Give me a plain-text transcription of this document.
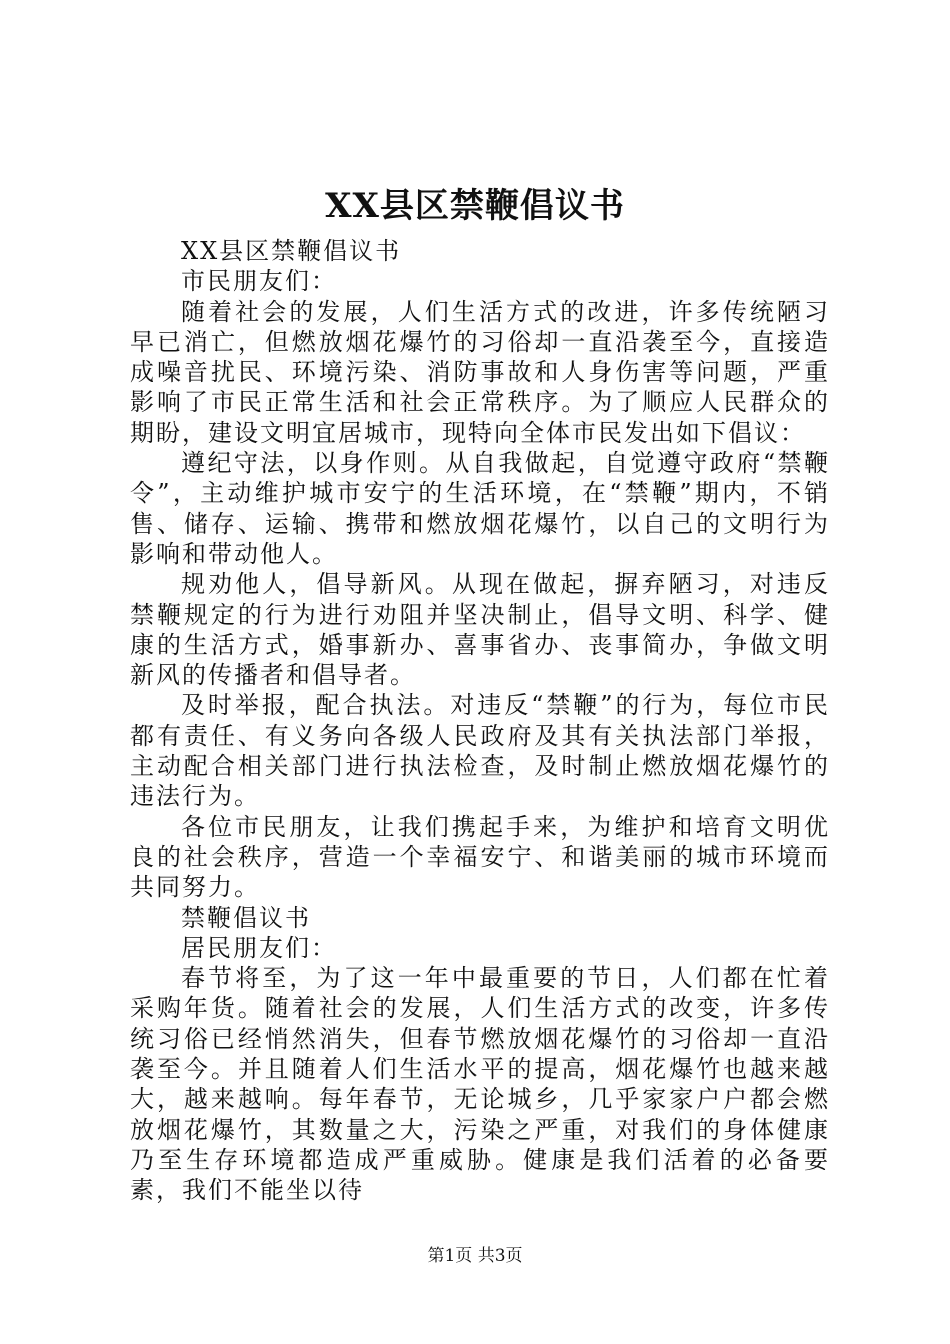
XX县区禁鞭倡议书

XX县区禁鞭倡议书

市民朋友们：

随着社会的发展，人们生活方式的改进，许多传统陋习早已消亡，但燃放烟花爆竹的习俗却一直沿袭至今，直接造成噪音扰民、环境污染、消防事故和人身伤害等问题，严重影响了市民正常生活和社会正常秩序。为了顺应人民群众的期盼，建设文明宜居城市，现特向全体市民发出如下倡议：

遵纪守法，以身作则。从自我做起，自觉遵守政府“禁鞭令”，主动维护城市安宁的生活环境，在“禁鞭”期内，不销售、储存、运输、携带和燃放烟花爆竹，以自己的文明行为影响和带动他人。

规劝他人，倡导新风。从现在做起，摒弃陋习，对违反禁鞭规定的行为进行劝阻并坚决制止，倡导文明、科学、健康的生活方式，婚事新办、喜事省办、丧事简办，争做文明新风的传播者和倡导者。

及时举报，配合执法。对违反“禁鞭”的行为，每位市民都有责任、有义务向各级人民政府及其有关执法部门举报，主动配合相关部门进行执法检查，及时制止燃放烟花爆竹的违法行为。

各位市民朋友，让我们携起手来，为维护和培育文明优良的社会秩序，营造一个幸福安宁、和谐美丽的城市环境而共同努力。

禁鞭倡议书

居民朋友们：

春节将至，为了这一年中最重要的节日，人们都在忙着采购年货。随着社会的发展，人们生活方式的改变，许多传统习俗已经悄然消失，但春节燃放烟花爆竹的习俗却一直沿袭至今。并且随着人们生活水平的提高，烟花爆竹也越来越大，越来越响。每年春节，无论城乡，几乎家家户户都会燃放烟花爆竹，其数量之大，污染之严重，对我们的身体健康乃至生存环境都造成严重威胁。健康是我们活着的必备要素，我们不能坐以待

第1页 共3页
